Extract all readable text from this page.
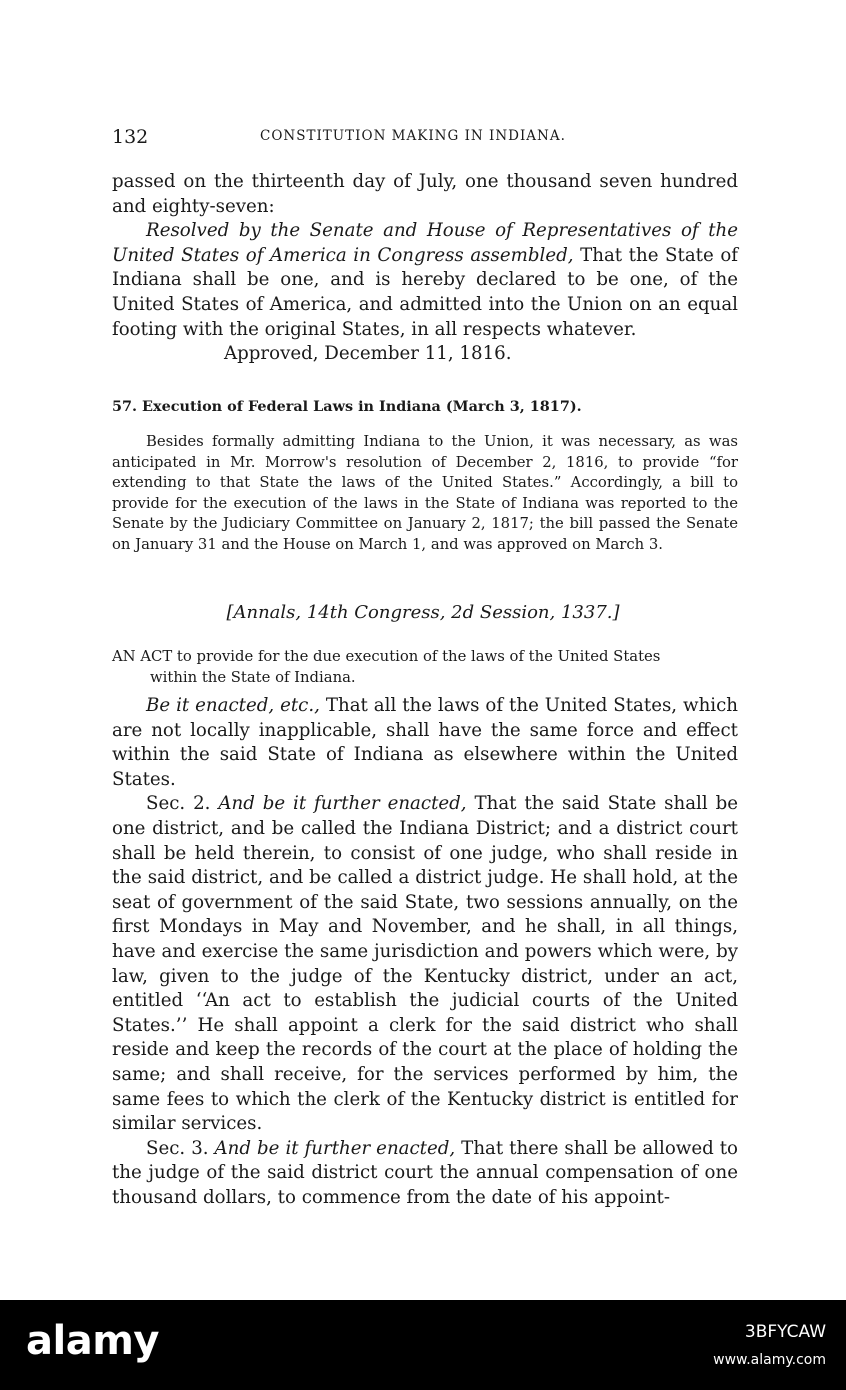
132	CONSTITUTION MAKING IN INDIANA.

passed on the thirteenth day of July, one thousand seven hundred and eighty-seven:

Resolved by the Senate and House of Representatives of the United States of America in Congress assembled, That the State of Indiana shall be one, and is hereby declared to be one, of the United States of America, and admitted into the Union on an equal footing with the original States, in all respects whatever.

Approved, December 11, 1816.

57. Execution of Federal Laws in Indiana (March 3, 1817).

Besides formally admitting Indiana to the Union, it was necessary, as was anticipated in Mr. Morrow's resolution of December 2, 1816, to provide “for extending to that State the laws of the United States.” Accordingly, a bill to provide for the execution of the laws in the State of Indiana was reported to the Senate by the Judiciary Committee on January 2, 1817; the bill passed the Senate on January 31 and the House on March 1, and was approved on March 3.

[Annals, 14th Congress, 2d Session, 1337.]

AN ACT to provide for the due execution of the laws of the United States
within the State of Indiana.

Be it enacted, etc., That all the laws of the United States, which are not locally inapplicable, shall have the same force and effect within the said State of Indiana as elsewhere within the United States.

Sec. 2. And be it further enacted, That the said State shall be one district, and be called the Indiana District; and a district court shall be held therein, to consist of one judge, who shall reside in the said district, and be called a district judge. He shall hold, at the seat of government of the said State, two sessions annually, on the first Mondays in May and November, and he shall, in all things, have and exercise the same jurisdiction and powers which were, by law, given to the judge of the Kentucky district, under an act, entitled ‘‘An act to establish the judicial courts of the United States.’’ He shall appoint a clerk for the said district who shall reside and keep the records of the court at the place of holding the same; and shall receive, for the services performed by him, the same fees to which the clerk of the Kentucky district is entitled for similar services.

Sec. 3. And be it further enacted, That there shall be allowed to the judge of the said district court the annual compensation of one thousand dollars, to commence from the date of his appoint-

alamy	3BFYCAW
www.alamy.com
